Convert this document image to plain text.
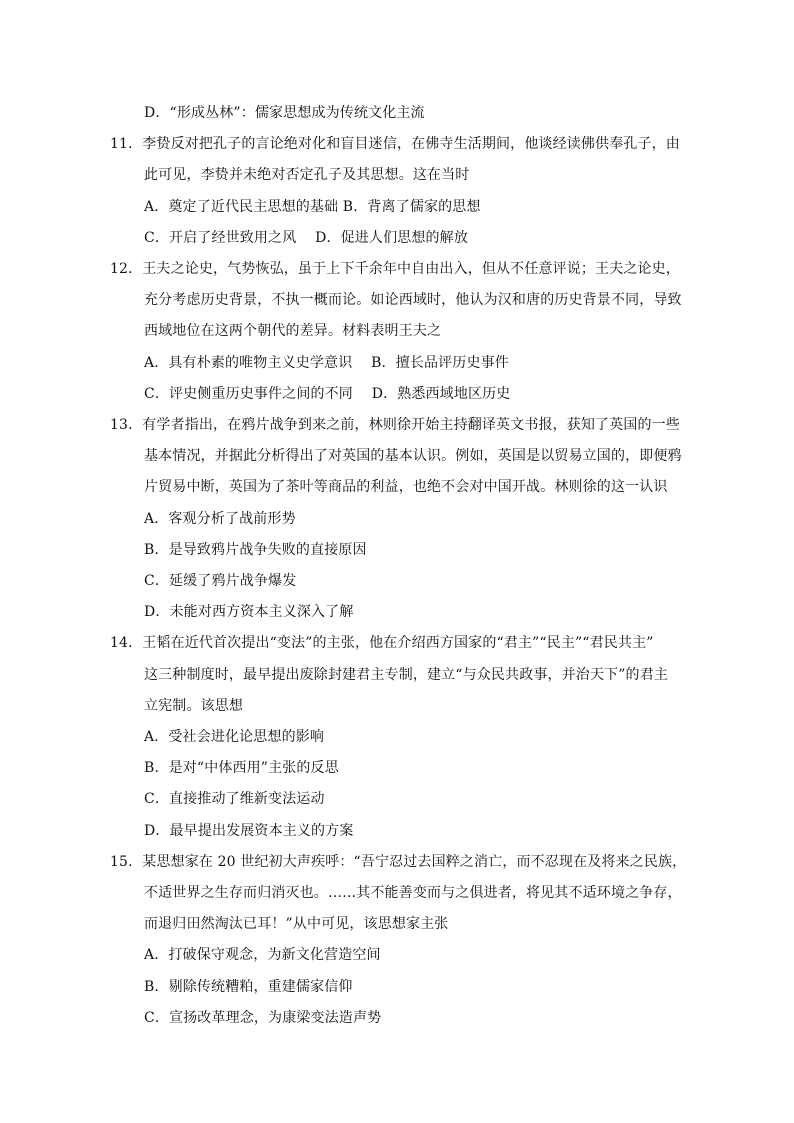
D．“形成丛林”：儒家思想成为传统文化主流
11．李贽反对把孔子的言论绝对化和盲目迷信，在佛寺生活期间，他谈经读佛供奉孔子，由
此可见，李贽并未绝对否定孔子及其思想。这在当时
A．奠定了近代民主思想的基础 B．背离了儒家的思想
C．开启了经世致用之风　 D．促进人们思想的解放
12．王夫之论史，气势恢弘，虽于上下千余年中自由出入，但从不任意评说；王夫之论史，
充分考虑历史背景，不执一概而论。如论西域时，他认为汉和唐的历史背景不同，导致
西域地位在这两个朝代的差异。材料表明王夫之
A．具有朴素的唯物主义史学意识　 B．擅长品评历史事件
C．评史侧重历史事件之间的不同　 D．熟悉西域地区历史
13．有学者指出，在鸦片战争到来之前，林则徐开始主持翻译英文书报，获知了英国的一些
基本情况，并据此分析得出了对英国的基本认识。例如，英国是以贸易立国的，即便鸦
片贸易中断，英国为了茶叶等商品的利益，也绝不会对中国开战。林则徐的这一认识
A．客观分析了战前形势
B．是导致鸦片战争失败的直接原因
C．延缓了鸦片战争爆发
D．未能对西方资本主义深入了解
14．王韬在近代首次提出“变法”的主张，他在介绍西方国家的“君主”“民主”“君民共主”
这三种制度时，最早提出废除封建君主专制，建立“与众民共政事，并治天下”的君主
立宪制。该思想
A．受社会进化论思想的影响
B．是对“中体西用”主张的反思
C．直接推动了维新变法运动
D．最早提出发展资本主义的方案
15．某思想家在 20 世纪初大声疾呼：“吾宁忍过去国粹之消亡，而不忍现在及将来之民族，
不适世界之生存而归消灭也。……其不能善变而与之俱进者，将见其不适环境之争存，
而退归田然淘汰已耳！”从中可见，该思想家主张
A．打破保守观念，为新文化营造空间
B．剔除传统糟粕，重建儒家信仰
C．宣扬改革理念，为康梁变法造声势
